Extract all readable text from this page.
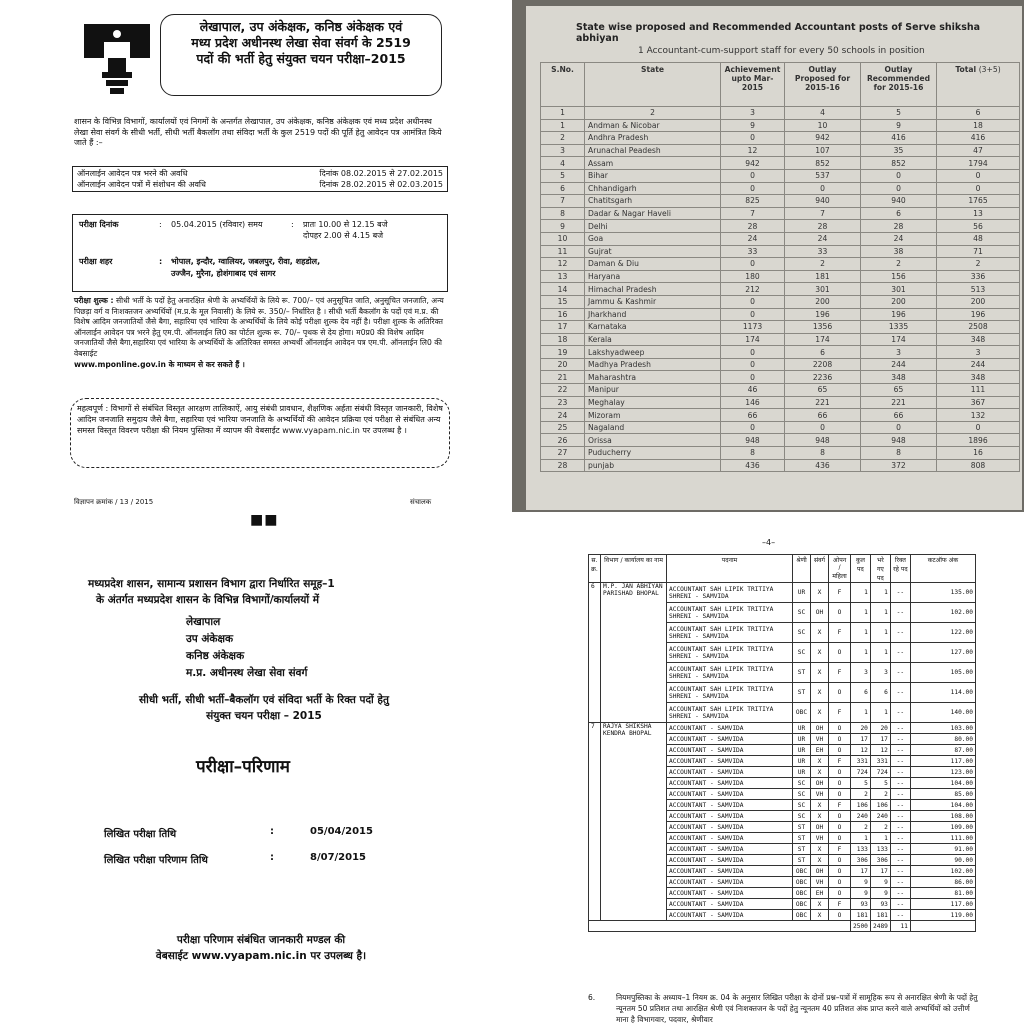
लेखापाल, उप अंकेक्षक, कनिष्ठ अंकेक्षक एवं
मध्य प्रदेश अधीनस्थ लेखा सेवा संवर्ग के 2519
पदों की भर्ती हेतु संयुक्त चयन परीक्षा–2015
शासन के विभिन्न विभागों, कार्यालयों एवं निगमों के अन्तर्गत लेखापाल, उप अंकेक्षक, कनिष्ठ अंकेक्षक एवं मध्य प्रदेश अधीनस्थ लेखा सेवा संवर्ग के सीधी भर्ती, सीधी भर्ती बैकलॉग तथा संविदा भर्ती के कुल 2519 पदों की पूर्ति हेतु आवेदन पत्र आमंत्रित किये जाते हैं :–
ऑनलाईन आवेदन पत्र भरने की अवधि	दिनांक 08.02.2015 से 27.02.2015
ऑनलाईन आवेदन पत्रों में संशोधन की अवधि	दिनांक 28.02.2015 से 02.03.2015
परीक्षा दिनांक	:	05.04.2015 (रविवार) समय	:	प्रातः 10.00 से 12.15 बजे
दोपहर 2.00 से 4.15 बजे
परीक्षा शहर	:	भोपाल, इन्दौर, ग्वालियर, जबलपुर, रीवा, शहडोल,
उज्जैन, मुरैना, होशंगाबाद एवं सागर
परीक्षा शुल्क : सीधी भर्ती के पदों हेतु अनारक्षित श्रेणी के अभ्यर्थियों के लिये रू. 700/– एवं अनुसूचित जाति, अनुसूचित जनजाति, अन्य पिछड़ा वर्ग व निःशक्तजन अभ्यर्थियों (म.प्र.के मूल निवासी) के लिये रू. 350/– निर्धारित है । सीधी भर्ती बैकलॉग के पदों एवं म.प्र. की विशेष आदिम जनजातियों जैसे बैगा, सहारिया एवं भारिया के अभ्यर्थियों के लिये कोई परीक्षा शुल्क देय नहीं है। परीक्षा शुल्क के अतिरिक्त ऑनलाईन आवेदन पत्र भरने हेतु एम.पी. ऑनलाईन लि0 का पोर्टल शुल्क रू. 70/– पृथक से देय होगा। म0प्र0 की विशेष आदिम जनजातियों जैसे बैगा,सहारिया एवं भारिया के अभ्यर्थियों के अतिरिक्त समस्त अभ्यर्थी ऑनलाईन आवेदन पत्र एम.पी. ऑनलाईन लि0 की वेबसाईट
www.mponline.gov.in के माध्यम से कर सकते हैं ।
महत्वपूर्ण : विभागों से संबंधित विस्तृत आरक्षण तालिकाऐं, आयु संबंधी प्रावधान, शैक्षणिक अर्हता संबंधी विस्तृत जानकारी, विशेष आदिम जनजाति समुदाय जैसे बैगा, सहारिया एवं भारिया जनजाति के अभ्यर्थियों की आवेदन प्रक्रिया एवं परीक्षा से संबंधित अन्य समस्त विस्तृत विवरण परीक्षा की नियम पुस्तिका में व्यापम की वेबसाईट www.vyapam.nic.in पर उपलब्ध है ।
विज्ञापन क्रमांक / 13 / 2015	संचालक
State wise proposed and Recommended Accountant posts of Serve shiksha abhiyan
1 Accountant-cum-support staff for every 50 schools in position
S.No.	State	Achievement upto Mar-2015	Outlay Proposed for 2015-16	Outlay Recommended for 2015-16	Total (3+5)
1	2	3	4	5	6
1	Andman & Nicobar	9	10	9	18
2	Andhra Pradesh	0	942	416	416
3	Arunachal Peadesh	12	107	35	47
4	Assam	942	852	852	1794
5	Bihar	0	537	0	0
6	Chhandigarh	0	0	0	0
7	Chatitsgarh	825	940	940	1765
8	Dadar & Nagar Haveli	7	7	6	13
9	Delhi	28	28	28	56
10	Goa	24	24	24	48
11	Gujrat	33	33	38	71
12	Daman & Diu	0	2	2	2
13	Haryana	180	181	156	336
14	Himachal Pradesh	212	301	301	513
15	Jammu & Kashmir	0	200	200	200
16	Jharkhand	0	196	196	196
17	Karnataka	1173	1356	1335	2508
18	Kerala	174	174	174	348
19	Lakshyadweep	0	6	3	3
20	Madhya Pradesh	0	2208	244	244
21	Maharashtra	0	2236	348	348
22	Manipur	46	65	65	111
23	Meghalay	146	221	221	367
24	Mizoram	66	66	66	132
25	Nagaland	0	0	0	0
26	Orissa	948	948	948	1896
27	Puducherry	8	8	8	16
28	punjab	436	436	372	808
■■
मध्यप्रदेश शासन, सामान्य प्रशासन विभाग द्वारा निर्धारित समूह–1
के अंतर्गत मध्यप्रदेश शासन के विभिन्न विभागों/कार्यालयों में
लेखापाल
उप अंकेक्षक
कनिष्ठ अंकेक्षक
म.प्र. अधीनस्थ लेखा सेवा संवर्ग
सीधी भर्ती, सीधी भर्ती–बैकलॉग एवं संविदा भर्ती के रिक्त पदों हेतु
संयुक्त चयन परीक्षा – 2015
परीक्षा–परिणाम
लिखित परीक्षा तिथि	:	05/04/2015
लिखित परीक्षा परिणाम तिथि	:	8/07/2015
परीक्षा परिणाम संबंधित जानकारी मण्डल की
वेबसाईट www.vyapam.nic.in पर उपलब्ध है।
–4–
स. क्र.	विभाग / कार्यालय का नाम	पदनाम	श्रेणी	संवर्ग	ओपन / महिला	कुल पद	भरे गए पद	रिक्त रहे पद	कटऑफ अंक
6	M.P. JAN ABHIYAN PARISHAD BHOPAL	ACCOUNTANT SAH LIPIK TRITIYA SHRENI - SAMVIDA	UR	X	F	1	1	--	135.00
		ACCOUNTANT SAH LIPIK TRITIYA SHRENI - SAMVIDA	SC	OH	O	1	1	--	102.00
		ACCOUNTANT SAH LIPIK TRITIYA SHRENI - SAMVIDA	SC	X	F	1	1	--	122.00
		ACCOUNTANT SAH LIPIK TRITIYA SHRENI - SAMVIDA	SC	X	O	1	1	--	127.00
		ACCOUNTANT SAH LIPIK TRITIYA SHRENI - SAMVIDA	ST	X	F	3	3	--	105.00
		ACCOUNTANT SAH LIPIK TRITIYA SHRENI - SAMVIDA	ST	X	O	6	6	--	114.00
		ACCOUNTANT SAH LIPIK TRITIYA SHRENI - SAMVIDA	OBC	X	F	1	1	--	140.00
7	RAJYA SHIKSHA KENDRA BHOPAL	ACCOUNTANT - SAMVIDA	UR	OH	O	20	20	--	103.00
		ACCOUNTANT - SAMVIDA	UR	VH	O	17	17	--	80.00
		ACCOUNTANT - SAMVIDA	UR	EH	O	12	12	--	87.00
		ACCOUNTANT - SAMVIDA	UR	X	F	331	331	--	117.00
		ACCOUNTANT - SAMVIDA	UR	X	O	724	724	--	123.00
		ACCOUNTANT - SAMVIDA	SC	OH	O	5	5	--	104.00
		ACCOUNTANT - SAMVIDA	SC	VH	O	2	2	--	85.00
		ACCOUNTANT - SAMVIDA	SC	X	F	106	106	--	104.00
		ACCOUNTANT - SAMVIDA	SC	X	O	240	240	--	108.00
		ACCOUNTANT - SAMVIDA	ST	OH	O	2	2	--	109.00
		ACCOUNTANT - SAMVIDA	ST	VH	O	1	1	--	111.00
		ACCOUNTANT - SAMVIDA	ST	X	F	133	133	--	91.00
		ACCOUNTANT - SAMVIDA	ST	X	O	306	306	--	90.00
		ACCOUNTANT - SAMVIDA	OBC	OH	O	17	17	--	102.00
		ACCOUNTANT - SAMVIDA	OBC	VH	O	9	9	--	86.00
		ACCOUNTANT - SAMVIDA	OBC	EH	O	9	9	--	81.00
		ACCOUNTANT - SAMVIDA	OBC	X	F	93	93	--	117.00
		ACCOUNTANT - SAMVIDA	OBC	X	O	181	181	--	119.00
						2500	2489	11	
6.	नियमपुस्तिका के अध्याय–1 नियम क्र. 04 के अनुसार लिखित परीक्षा के दोनों प्रश्न–पत्रों में सामूहिक रूप से अनारक्षित श्रेणी के पदों हेतु न्यूनतम 50 प्रतिशत तथा आरक्षित श्रेणी एवं निःशक्तजन के पदों हेतु न्यूनतम 40 प्रतिशत अंक प्राप्त करने वाले अभ्यर्थियों को उत्तीर्ण माना है विभागवार, पदवार, श्रेणीवार
